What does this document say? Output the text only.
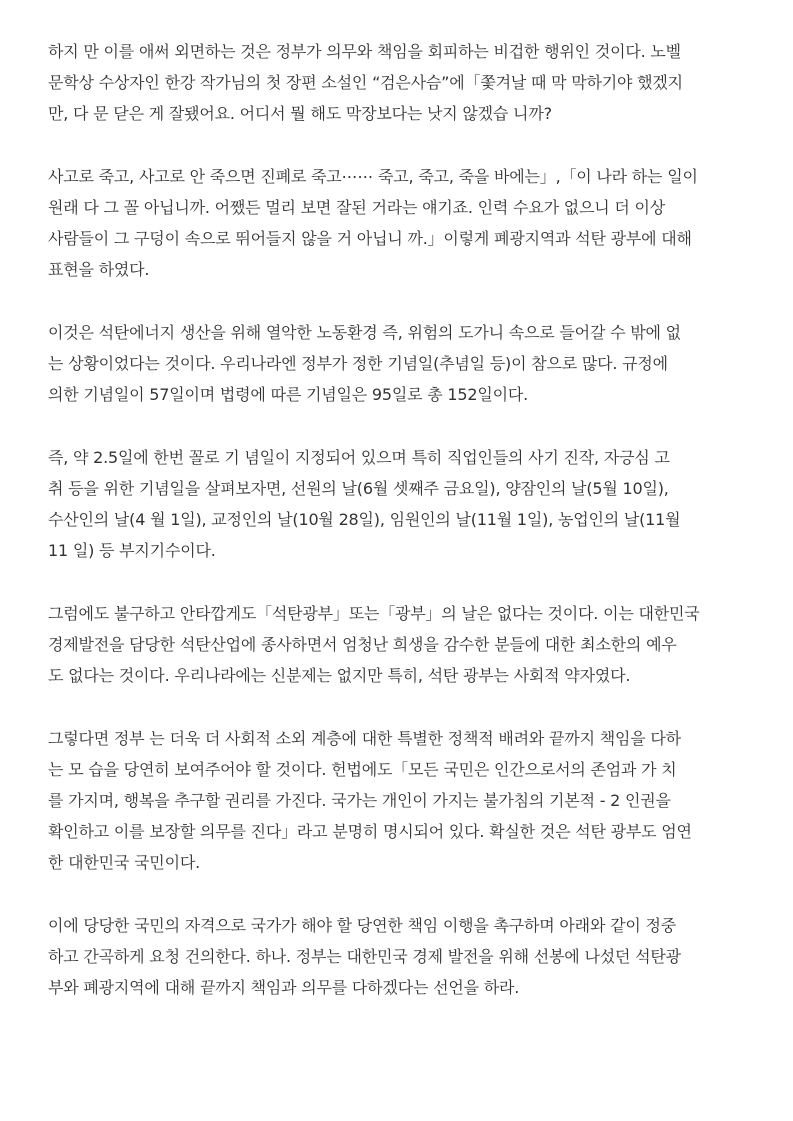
하지 만 이를 애써 외면하는 것은 정부가 의무와 책임을 회피하는 비겁한 행위인 것이다. 노벨
문학상 수상자인 한강 작가님의 첫 장편 소설인 “검은사슴”에「쫓겨날 때 막 막하기야 했겠지
만, 다 문 닫은 게 잘됐어요. 어디서 뭘 해도 막장보다는 낫지 않겠습 니까?
사고로 죽고, 사고로 안 죽으면 진폐로 죽고⋯⋯ 죽고, 죽고, 죽을 바에는」,「이 나라 하는 일이
원래 다 그 꼴 아닙니까. 어쨌든 멀리 보면 잘된 거라는 얘기죠. 인력 수요가 없으니 더 이상
사람들이 그 구덩이 속으로 뛰어들지 않을 거 아닙니 까.」이렇게 폐광지역과 석탄 광부에 대해
표현을 하였다.
이것은 석탄에너지 생산을 위해 열악한 노동환경 즉, 위험의 도가니 속으로 들어갈 수 밖에 없
는 상황이었다는 것이다. 우리나라엔 정부가 정한 기념일(추념일 등)이 참으로 많다. 규정에
의한 기념일이 57일이며 법령에 따른 기념일은 95일로 총 152일이다.
즉, 약 2.5일에 한번 꼴로 기 념일이 지정되어 있으며 특히 직업인들의 사기 진작, 자긍심 고
취 등을 위한 기념일을 살펴보자면, 선원의 날(6월 셋째주 금요일), 양잠인의 날(5월 10일),
수산인의 날(4 월 1일), 교정인의 날(10월 28일), 임원인의 날(11월 1일), 농업인의 날(11월
11 일) 등 부지기수이다.
그럼에도 불구하고 안타깝게도「석탄광부」또는「광부」의 날은 없다는 것이다. 이는 대한민국
경제발전을 담당한 석탄산업에 종사하면서 엄청난 희생을 감수한 분들에 대한 최소한의 예우
도 없다는 것이다. 우리나라에는 신분제는 없지만 특히, 석탄 광부는 사회적 약자였다.
그렇다면 정부 는 더욱 더 사회적 소외 계층에 대한 특별한 정책적 배려와 끝까지 책임을 다하
는 모 습을 당연히 보여주어야 할 것이다. 헌법에도「모든 국민은 인간으로서의 존엄과 가 치
를 가지며, 행복을 추구할 권리를 가진다. 국가는 개인이 가지는 불가침의 기본적 - 2 인권을
확인하고 이를 보장할 의무를 진다」라고 분명히 명시되어 있다. 확실한 것은 석탄 광부도 엄연
한 대한민국 국민이다.
이에 당당한 국민의 자격으로 국가가 해야 할 당연한 책임 이행을 촉구하며 아래와 같이 정중
하고 간곡하게 요청 건의한다. 하나. 정부는 대한민국 경제 발전을 위해 선봉에 나섰던 석탄광
부와 폐광지역에 대해 끝까지 책임과 의무를 다하겠다는 선언을 하라.
